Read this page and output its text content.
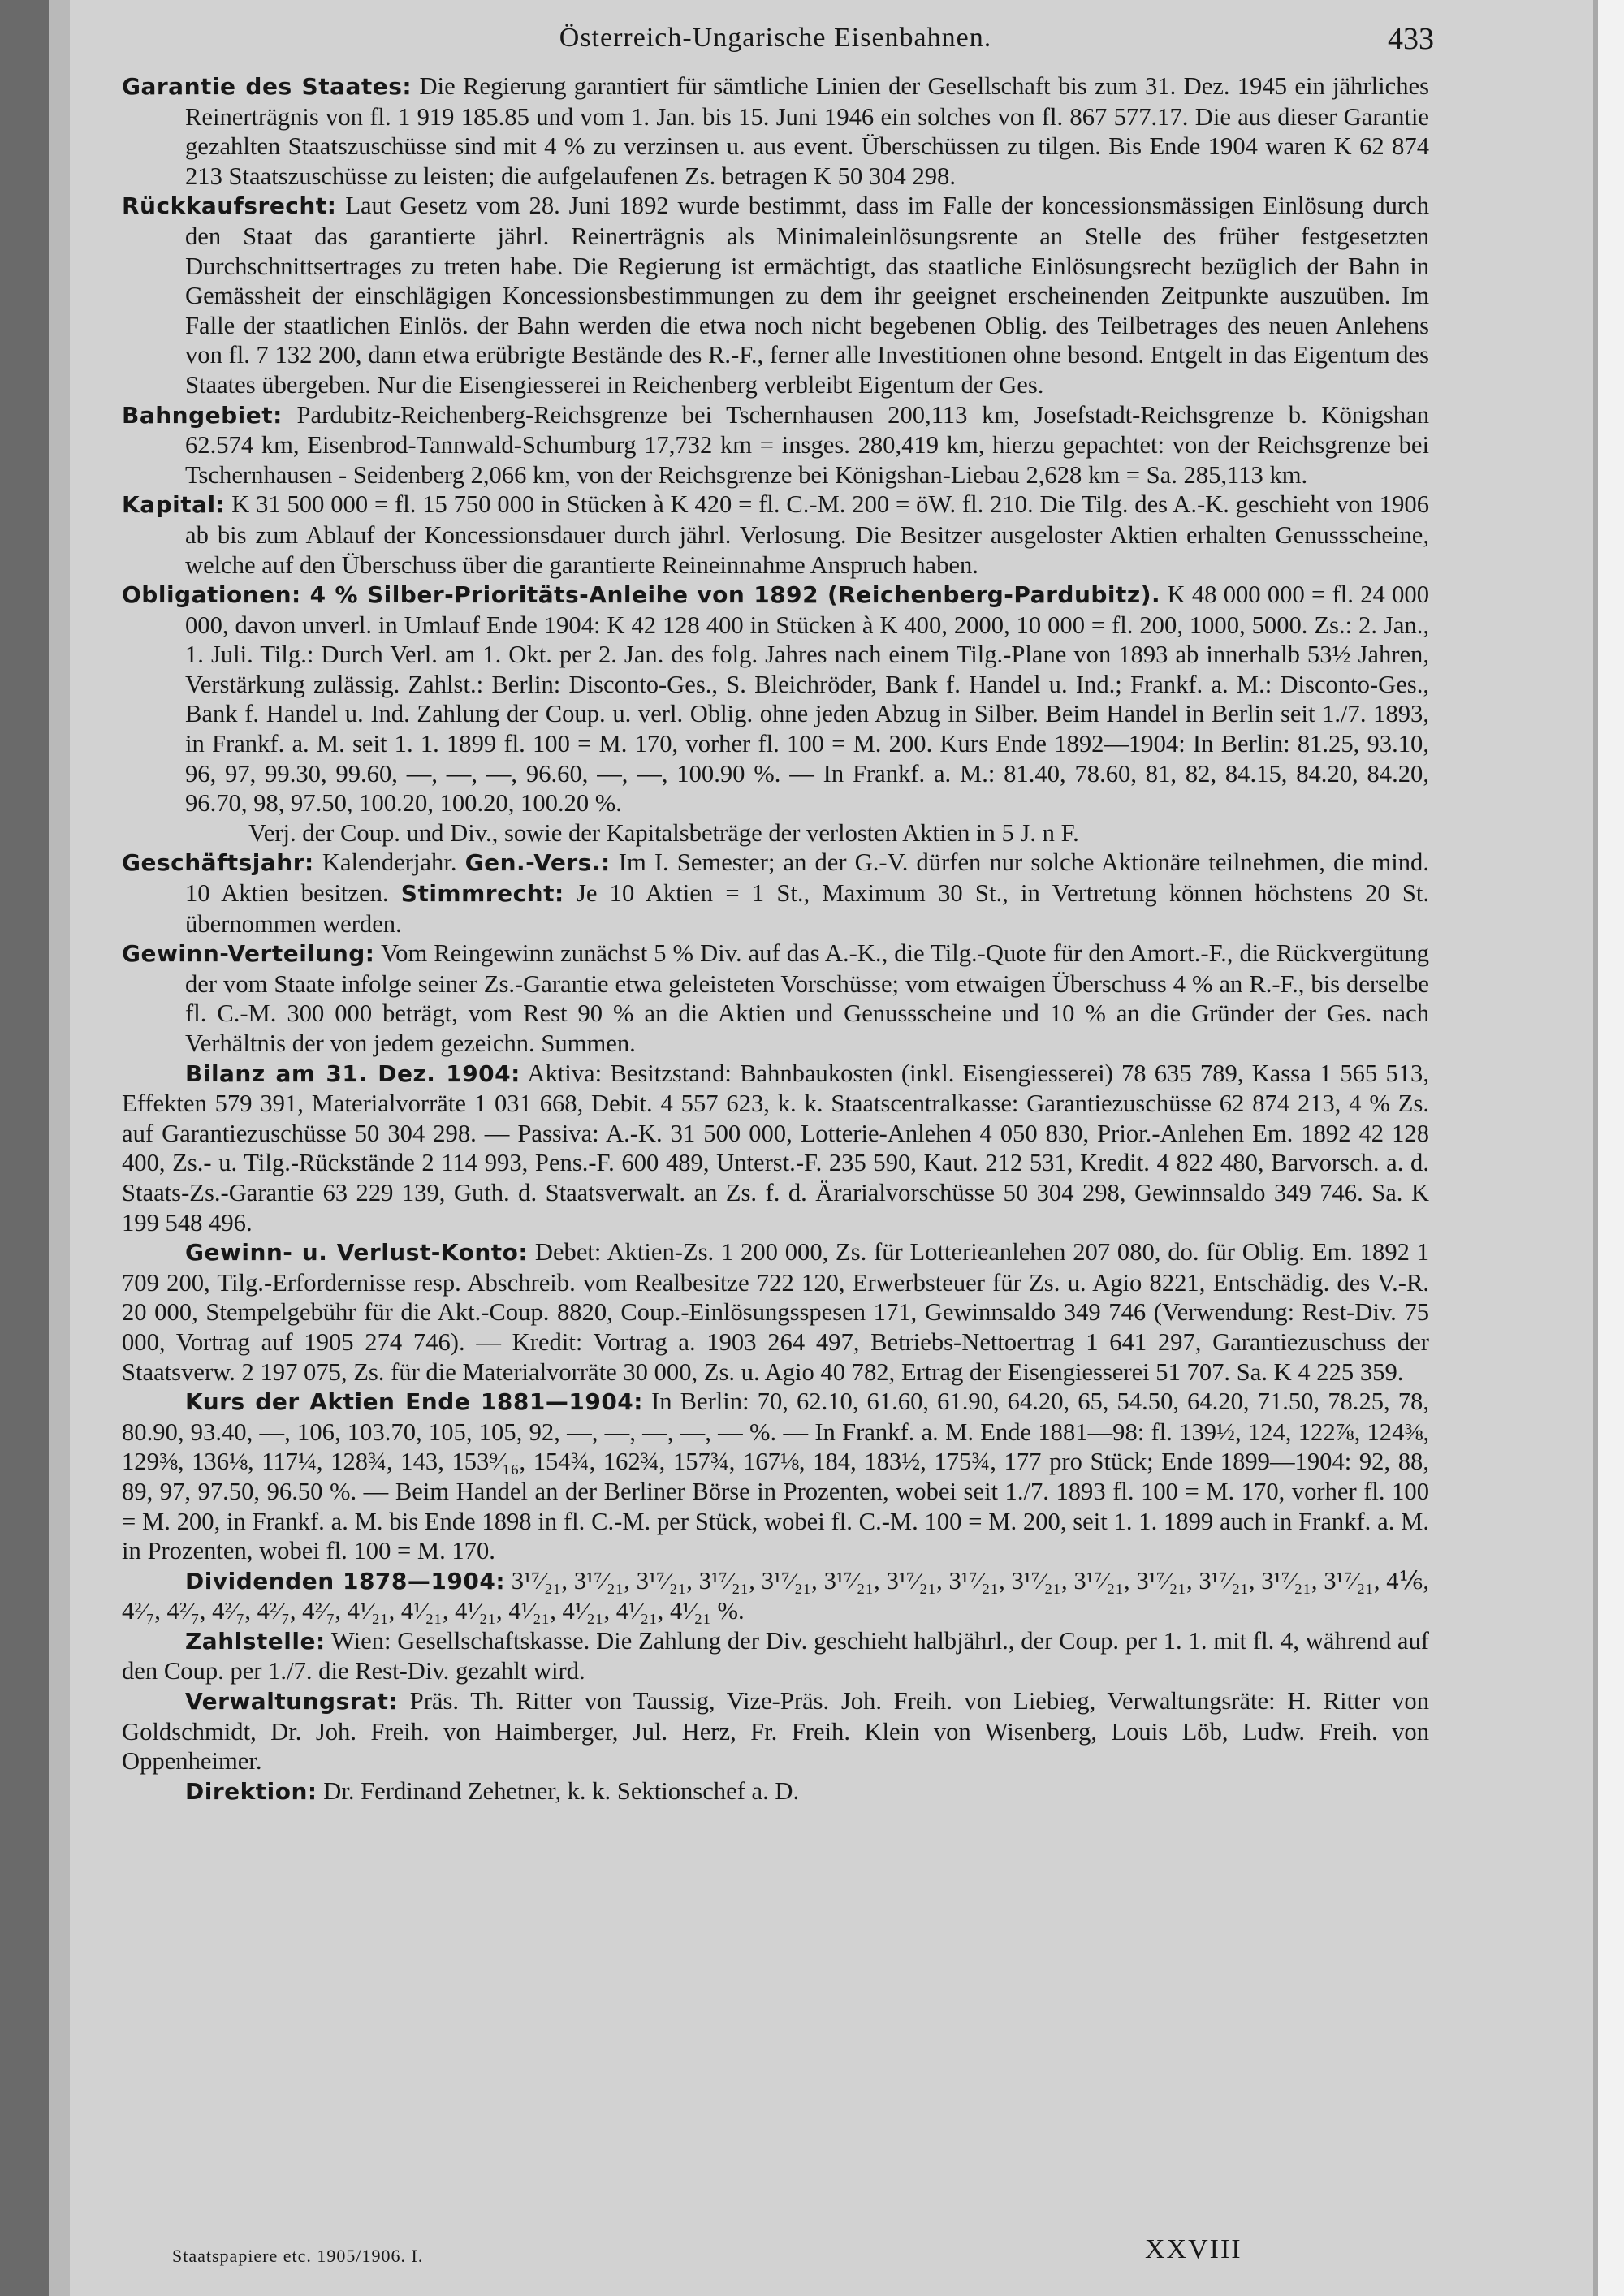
Österreich-Ungarische Eisenbahnen.	433

Garantie des Staates: Die Regierung garantiert für sämtliche Linien der Gesellschaft bis zum 31. Dez. 1945 ein jährliches Reinerträgnis von fl. 1 919 185.85 und vom 1. Jan. bis 15. Juni 1946 ein solches von fl. 867 577.17. Die aus dieser Garantie gezahlten Staatszuschüsse sind mit 4 % zu verzinsen u. aus event. Überschüssen zu tilgen. Bis Ende 1904 waren K 62 874 213 Staatszuschüsse zu leisten; die aufgelaufenen Zs. betragen K 50 304 298.

Rückkaufsrecht: Laut Gesetz vom 28. Juni 1892 wurde bestimmt, dass im Falle der koncessionsmässigen Einlösung durch den Staat das garantierte jährl. Reinerträgnis als Minimaleinlösungsrente an Stelle des früher festgesetzten Durchschnittsertrages zu treten habe. Die Regierung ist ermächtigt, das staatliche Einlösungsrecht bezüglich der Bahn in Gemässheit der einschlägigen Koncessionsbestimmungen zu dem ihr geeignet erscheinenden Zeitpunkte auszuüben. Im Falle der staatlichen Einlös. der Bahn werden die etwa noch nicht begebenen Oblig. des Teilbetrages des neuen Anlehens von fl. 7 132 200, dann etwa erübrigte Bestände des R.-F., ferner alle Investitionen ohne besond. Entgelt in das Eigentum des Staates übergeben. Nur die Eisengiesserei in Reichenberg verbleibt Eigentum der Ges.

Bahngebiet: Pardubitz-Reichenberg-Reichsgrenze bei Tschernhausen 200,113 km, Josefstadt-Reichsgrenze b. Königshan 62.574 km, Eisenbrod-Tannwald-Schumburg 17,732 km = insges. 280,419 km, hierzu gepachtet: von der Reichsgrenze bei Tschernhausen - Seidenberg 2,066 km, von der Reichsgrenze bei Königshan-Liebau 2,628 km = Sa. 285,113 km.

Kapital: K 31 500 000 = fl. 15 750 000 in Stücken à K 420 = fl. C.-M. 200 = öW. fl. 210. Die Tilg. des A.-K. geschieht von 1906 ab bis zum Ablauf der Koncessionsdauer durch jährl. Verlosung. Die Besitzer ausgeloster Aktien erhalten Genussscheine, welche auf den Überschuss über die garantierte Reineinnahme Anspruch haben.

Obligationen: 4 % Silber-Prioritäts-Anleihe von 1892 (Reichenberg-Pardubitz). K 48 000 000 = fl. 24 000 000, davon unverl. in Umlauf Ende 1904: K 42 128 400 in Stücken à K 400, 2000, 10 000 = fl. 200, 1000, 5000. Zs.: 2. Jan., 1. Juli. Tilg.: Durch Verl. am 1. Okt. per 2. Jan. des folg. Jahres nach einem Tilg.-Plane von 1893 ab innerhalb 53½ Jahren, Verstärkung zulässig. Zahlst.: Berlin: Disconto-Ges., S. Bleichröder, Bank f. Handel u. Ind.; Frankf. a. M.: Disconto-Ges., Bank f. Handel u. Ind. Zahlung der Coup. u. verl. Oblig. ohne jeden Abzug in Silber. Beim Handel in Berlin seit 1./7. 1893, in Frankf. a. M. seit 1. 1. 1899 fl. 100 = M. 170, vorher fl. 100 = M. 200. Kurs Ende 1892—1904: In Berlin: 81.25, 93.10, 96, 97, 99.30, 99.60, —, —, —, 96.60, —, —, 100.90 %. — In Frankf. a. M.: 81.40, 78.60, 81, 82, 84.15, 84.20, 84.20, 96.70, 98, 97.50, 100.20, 100.20, 100.20 %.
Verj. der Coup. und Div., sowie der Kapitalsbeträge der verlosten Aktien in 5 J. n F.

Geschäftsjahr: Kalenderjahr. Gen.-Vers.: Im I. Semester; an der G.-V. dürfen nur solche Aktionäre teilnehmen, die mind. 10 Aktien besitzen. Stimmrecht: Je 10 Aktien = 1 St., Maximum 30 St., in Vertretung können höchstens 20 St. übernommen werden.

Gewinn-Verteilung: Vom Reingewinn zunächst 5 % Div. auf das A.-K., die Tilg.-Quote für den Amort.-F., die Rückvergütung der vom Staate infolge seiner Zs.-Garantie etwa geleisteten Vorschüsse; vom etwaigen Überschuss 4 % an R.-F., bis derselbe fl. C.-M. 300 000 beträgt, vom Rest 90 % an die Aktien und Genussscheine und 10 % an die Gründer der Ges. nach Verhältnis der von jedem gezeichn. Summen.

Bilanz am 31. Dez. 1904: Aktiva: Besitzstand: Bahnbaukosten (inkl. Eisengiesserei) 78 635 789, Kassa 1 565 513, Effekten 579 391, Materialvorräte 1 031 668, Debit. 4 557 623, k. k. Staatscentralkasse: Garantiezuschüsse 62 874 213, 4 % Zs. auf Garantiezuschüsse 50 304 298. — Passiva: A.-K. 31 500 000, Lotterie-Anlehen 4 050 830, Prior.-Anlehen Em. 1892 42 128 400, Zs.- u. Tilg.-Rückstände 2 114 993, Pens.-F. 600 489, Unterst.-F. 235 590, Kaut. 212 531, Kredit. 4 822 480, Barvorsch. a. d. Staats-Zs.-Garantie 63 229 139, Guth. d. Staatsverwalt. an Zs. f. d. Ärarialvorschüsse 50 304 298, Gewinnsaldo 349 746. Sa. K 199 548 496.

Gewinn- u. Verlust-Konto: Debet: Aktien-Zs. 1 200 000, Zs. für Lotterieanlehen 207 080, do. für Oblig. Em. 1892 1 709 200, Tilg.-Erfordernisse resp. Abschreib. vom Realbesitze 722 120, Erwerbsteuer für Zs. u. Agio 8221, Entschädig. des V.-R. 20 000, Stempelgebühr für die Akt.-Coup. 8820, Coup.-Einlösungsspesen 171, Gewinnsaldo 349 746 (Verwendung: Rest-Div. 75 000, Vortrag auf 1905 274 746). — Kredit: Vortrag a. 1903 264 497, Betriebs-Nettoertrag 1 641 297, Garantiezuschuss der Staatsverw. 2 197 075, Zs. für die Materialvorräte 30 000, Zs. u. Agio 40 782, Ertrag der Eisengiesserei 51 707. Sa. K 4 225 359.

Kurs der Aktien Ende 1881—1904: In Berlin: 70, 62.10, 61.60, 61.90, 64.20, 65, 54.50, 64.20, 71.50, 78.25, 78, 80.90, 93.40, —, 106, 103.70, 105, 105, 92, —, —, —, —, — %. — In Frankf. a. M. Ende 1881—98: fl. 139½, 124, 122⅞, 124⅜, 129⅜, 136⅛, 117¼, 128¾, 143, 153⁹⁄₁₆, 154¾, 162¾, 157¾, 167⅛, 184, 183½, 175¾, 177 pro Stück; Ende 1899—1904: 92, 88, 89, 97, 97.50, 96.50 %. — Beim Handel an der Berliner Börse in Prozenten, wobei seit 1./7. 1893 fl. 100 = M. 170, vorher fl. 100 = M. 200, in Frankf. a. M. bis Ende 1898 in fl. C.-M. per Stück, wobei fl. C.-M. 100 = M. 200, seit 1. 1. 1899 auch in Frankf. a. M. in Prozenten, wobei fl. 100 = M. 170.

Dividenden 1878—1904: 3¹⁷⁄₂₁, 3¹⁷⁄₂₁, 3¹⁷⁄₂₁, 3¹⁷⁄₂₁, 3¹⁷⁄₂₁, 3¹⁷⁄₂₁, 3¹⁷⁄₂₁, 3¹⁷⁄₂₁, 3¹⁷⁄₂₁, 3¹⁷⁄₂₁, 3¹⁷⁄₂₁, 3¹⁷⁄₂₁, 3¹⁷⁄₂₁, 3¹⁷⁄₂₁, 4⅙, 4²⁄₇, 4²⁄₇, 4²⁄₇, 4²⁄₇, 4²⁄₇, 4¹⁄₂₁, 4¹⁄₂₁, 4¹⁄₂₁, 4¹⁄₂₁, 4¹⁄₂₁, 4¹⁄₂₁, 4¹⁄₂₁ %.

Zahlstelle: Wien: Gesellschaftskasse. Die Zahlung der Div. geschieht halbjährl., der Coup. per 1. 1. mit fl. 4, während auf den Coup. per 1./7. die Rest-Div. gezahlt wird.

Verwaltungsrat: Präs. Th. Ritter von Taussig, Vize-Präs. Joh. Freih. von Liebieg, Verwaltungsräte: H. Ritter von Goldschmidt, Dr. Joh. Freih. von Haimberger, Jul. Herz, Fr. Freih. Klein von Wisenberg, Louis Löb, Ludw. Freih. von Oppenheimer.

Direktion: Dr. Ferdinand Zehetner, k. k. Sektionschef a. D.

Staatspapiere etc. 1905/1906. I.	XXVIII
